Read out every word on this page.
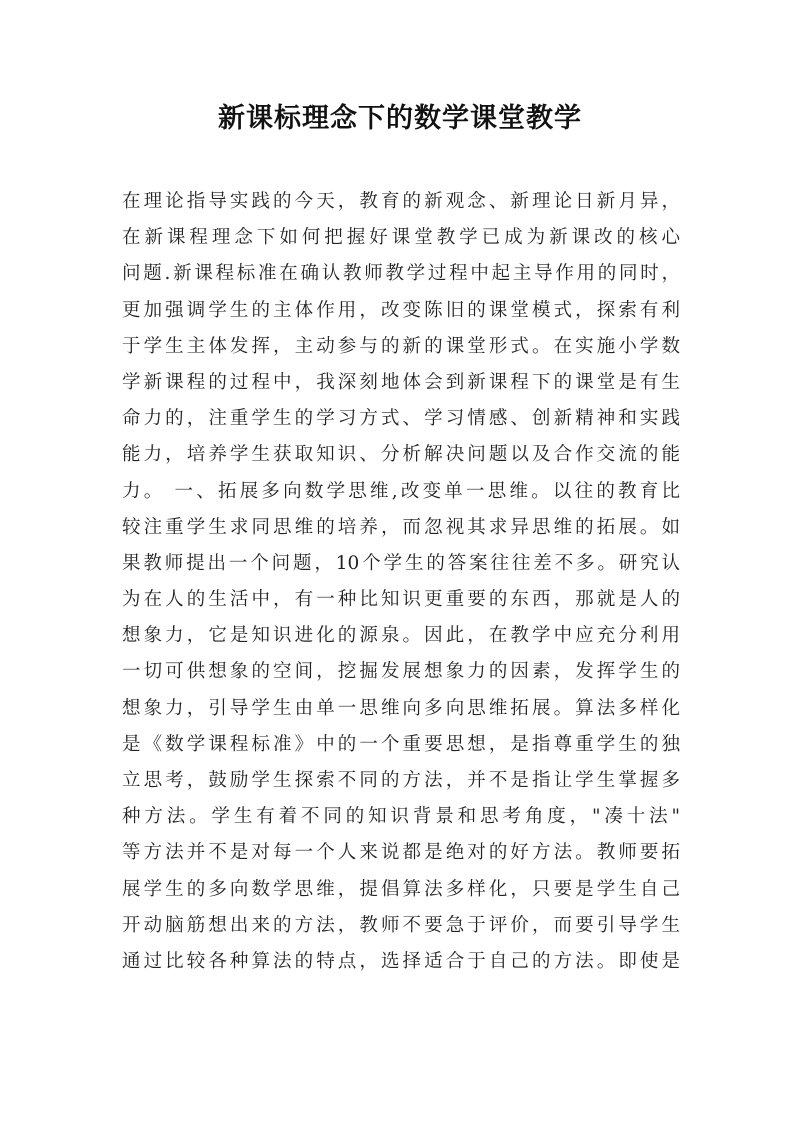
新课标理念下的数学课堂教学
在理论指导实践的今天，教育的新观念、新理论日新月异，
在新课程理念下如何把握好课堂教学已成为新课改的核心
问题.新课程标准在确认教师教学过程中起主导作用的同时，
更加强调学生的主体作用，改变陈旧的课堂模式，探索有利
于学生主体发挥，主动参与的新的课堂形式。在实施小学数
学新课程的过程中，我深刻地体会到新课程下的课堂是有生
命力的，注重学生的学习方式、学习情感、创新精神和实践
能力，培养学生获取知识、分析解决问题以及合作交流的能
力。 一、拓展多向数学思维,改变单一思维。以往的教育比
较注重学生求同思维的培养，而忽视其求异思维的拓展。如
果教师提出一个问题，10个学生的答案往往差不多。研究认
为在人的生活中，有一种比知识更重要的东西，那就是人的
想象力，它是知识进化的源泉。因此，在教学中应充分利用
一切可供想象的空间，挖掘发展想象力的因素，发挥学生的
想象力，引导学生由单一思维向多向思维拓展。算法多样化
是《数学课程标准》中的一个重要思想，是指尊重学生的独
立思考，鼓励学生探索不同的方法，并不是指让学生掌握多
种方法。学生有着不同的知识背景和思考角度，"凑十法"
等方法并不是对每一个人来说都是绝对的好方法。教师要拓
展学生的多向数学思维，提倡算法多样化，只要是学生自己
开动脑筋想出来的方法，教师不要急于评价，而要引导学生
通过比较各种算法的特点，选择适合于自己的方法。即使是
